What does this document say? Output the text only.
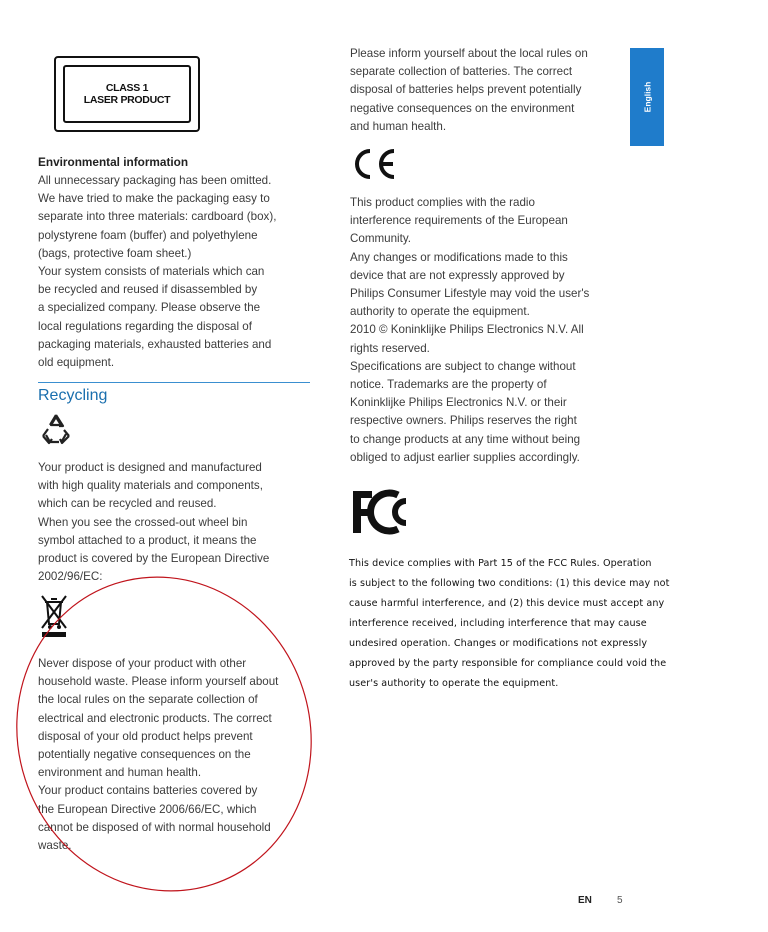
CLASS 1
LASER PRODUCT
Environmental information

All unnecessary packaging has been omitted.
We have tried to make the packaging easy to
separate into three materials: cardboard (box),
polystyrene foam (buffer) and polyethylene
(bags, protective foam sheet.)
Your system consists of materials which can
be recycled and reused if disassembled by
a specialized company. Please observe the
local regulations regarding the disposal of
packaging materials, exhausted batteries and
old equipment.

Recycling

Your product is designed and manufactured
with high quality materials and components,
which can be recycled and reused.
When you see the crossed-out wheel bin
symbol attached to a product, it means the
product is covered by the European Directive
2002/96/EC:

Never dispose of your product with other
household waste. Please inform yourself about
the local rules on the separate collection of
electrical and electronic products. The correct
disposal of your old product helps prevent
potentially negative consequences on the
environment and human health.
Your product contains batteries covered by
the European Directive 2006/66/EC, which
cannot be disposed of with normal household
waste.

Please inform yourself about the local rules on
separate collection of batteries. The correct
disposal of batteries helps prevent potentially
negative consequences on the environment
and human health.

This product complies with the radio
interference requirements of the European
Community.
Any changes or modifications made to this
device that are not expressly approved by
Philips Consumer Lifestyle may void the user's
authority to operate the equipment.
2010 © Koninklijke Philips Electronics N.V. All
rights reserved.
Specifications are subject to change without
notice. Trademarks are the property of
Koninklijke Philips Electronics N.V. or their
respective owners. Philips reserves the right
to change products at any time without being
obliged to adjust earlier supplies accordingly.

This device complies with Part 15 of the FCC Rules. Operation
is subject to the following two conditions: (1) this device may not
cause harmful interference, and (2) this device must accept any
interference received, including interference that may cause
undesired operation. Changes or modifications not expressly
approved by the party responsible for compliance could void the
user's authority to operate the equipment.

English
EN	5
